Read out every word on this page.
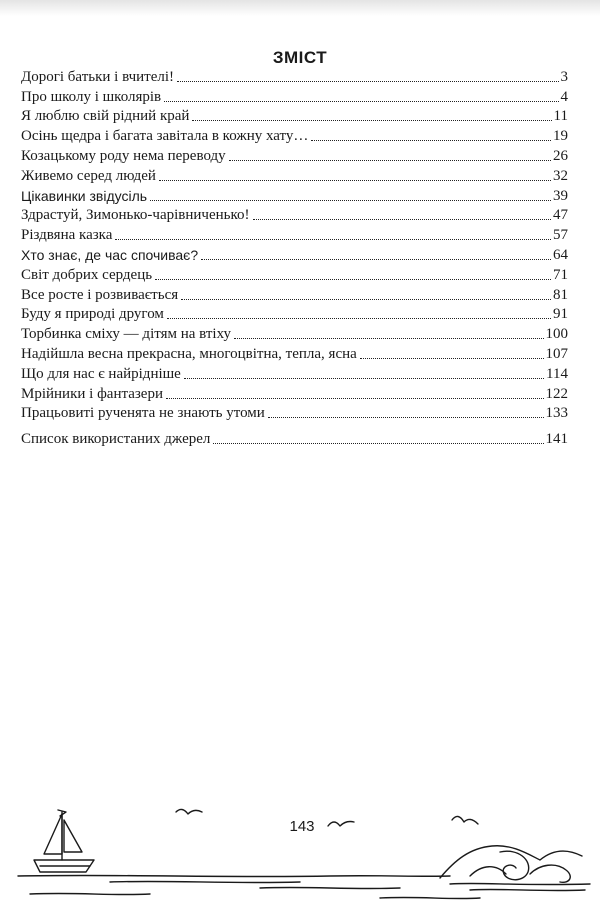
ЗМІСТ
Дорогі батьки і вчителі!	3
Про школу і школярів	4
Я люблю свій рідний край	11
Осінь щедра і багата завітала в кожну хату…	19
Козацькому роду нема переводу	26
Живемо серед людей	32
Цікавинки звідусіль	39
Здрастуй, Зимонько-чарівниченько!	47
Різдвяна казка	57
Хто знає, де час спочиває?	64
Світ добрих сердець	71
Все росте і розвивається	81
Буду я природі другом	91
Торбинка сміху — дітям на втіху	100
Надійшла весна прекрасна, многоцвітна, тепла, ясна	107
Що для нас є найрідніше	114
Мрійники і фантазери	122
Працьовиті рученята не знають утоми	133
Список використаних джерел	141
143
